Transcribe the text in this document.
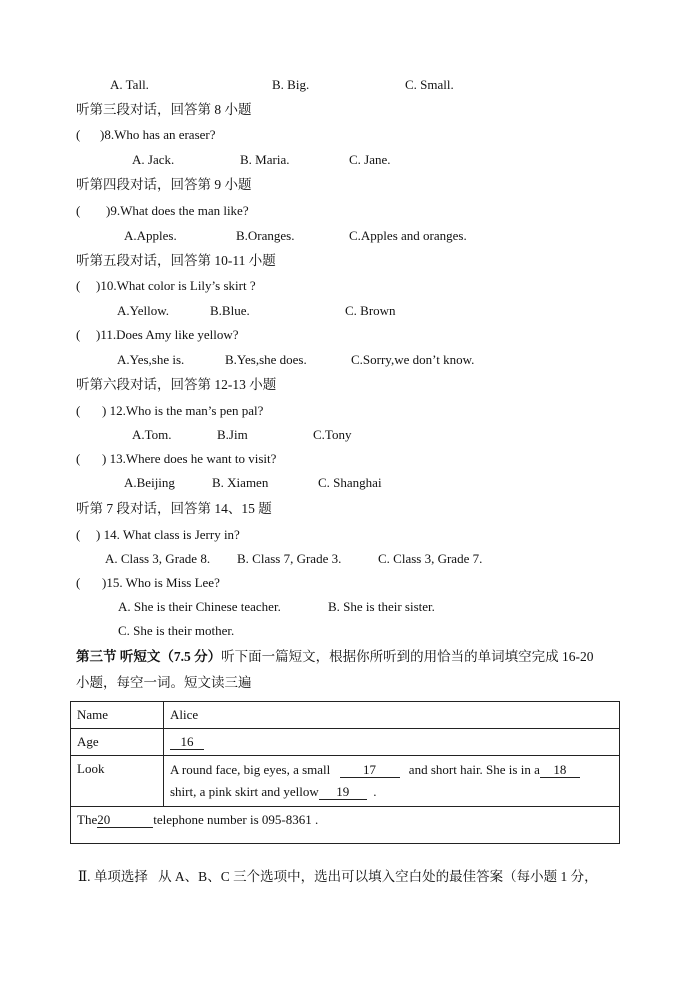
A. Tall.	B. Big.	C. Small.
听第三段对话，回答第 8 小题
( )8.Who has an eraser?
A. Jack.	B. Maria.	C. Jane.
听第四段对话，回答第 9 小题
( )9.What does the man like?
A.Apples.	B.Oranges.	C.Apples and oranges.
听第五段对话，回答第 10-11 小题
( )10.What color is Lily’s skirt ?
A.Yellow.	B.Blue.	C. Brown
( )11.Does Amy like yellow?
A.Yes,she is.	B.Yes,she does.	C.Sorry,we don’t know.
听第六段对话，回答第 12-13 小题
( ) 12.Who is the man’s pen pal?
A.Tom.	B.Jim	C.Tony
( ) 13.Where does he want to visit?
A.Beijing	B. Xiamen	C. Shanghai
听第 7 段对话，回答第 14、15 题
( ) 14. What class is Jerry in?
A. Class 3, Grade 8. B. Class 7, Grade 3.	C. Class 3, Grade 7.
( )15. Who is Miss Lee?
A. She is their Chinese teacher.	B. She is their sister.
C. She is their mother.
第三节 听短文（7.5 分）听下面一篇短文，根据你所听到的用恰当的单词填空完成 16-20
小题，每空一词。短文读三遍
Name	Alice
Age	16
Look	A round face, big eyes, a small 17 and short hair. She is in a 18
shirt, a pink skirt and yellow 19 .
The20 telephone number is 095-8361 .	
Ⅱ. 单项选择 从 A、B、C 三个选项中，选出可以填入空白处的最佳答案（每小题 1 分，
